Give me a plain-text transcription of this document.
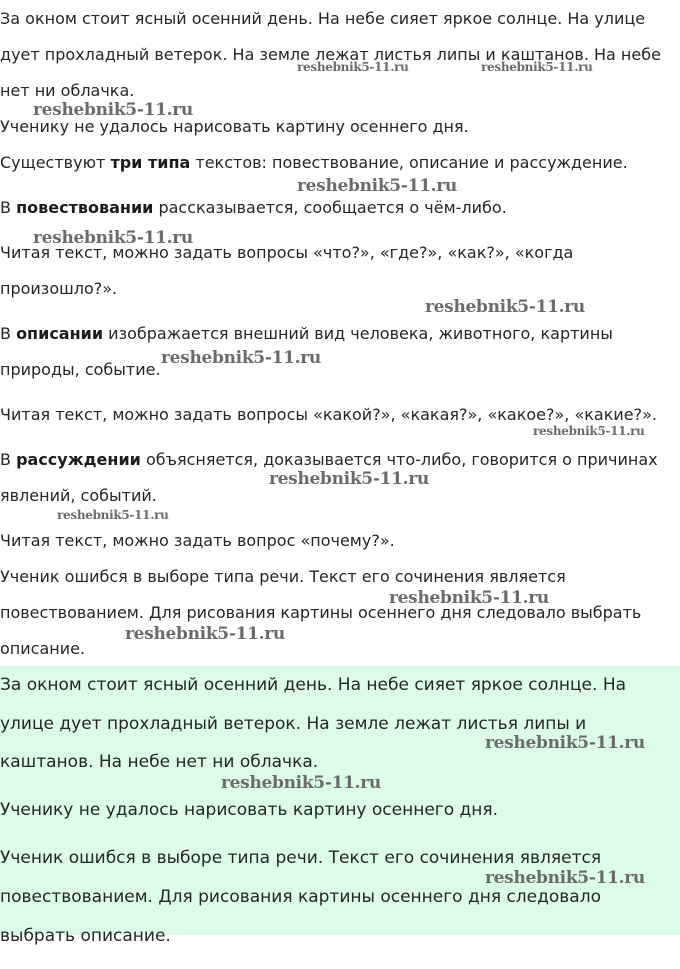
За окном стоит ясный осенний день. На небе сияет яркое солнце. На улице

дует прохладный ветерок. На земле лежат листья липы и каштанов. На небе

нет ни облачка.

Ученику не удалось нарисовать картину осеннего дня.

Существуют три типа текстов: повествование, описание и рассуждение.

В повествовании рассказывается, сообщается о чём-либо.

Читая текст, можно задать вопросы «что?», «где?», «как?», «когда

произошло?».

В описании изображается внешний вид человека, животного, картины

природы, событие.

Читая текст, можно задать вопросы «какой?», «какая?», «какое?», «какие?».

В рассуждении объясняется, доказывается что-либо, говорится о причинах

явлений, событий.

Читая текст, можно задать вопрос «почему?».

Ученик ошибся в выборе типа речи. Текст его сочинения является

повествованием. Для рисования картины осеннего дня следовало выбрать

описание.

За окном стоит ясный осенний день. На небе сияет яркое солнце. На

улице дует прохладный ветерок. На земле лежат листья липы и

каштанов. На небе нет ни облачка.

Ученику не удалось нарисовать картину осеннего дня.

Ученик ошибся в выборе типа речи. Текст его сочинения является

повествованием. Для рисования картины осеннего дня следовало

выбрать описание.

reshebnik5-11.ru	reshebnik5-11.ru
reshebnik5-11.ru
reshebnik5-11.ru
reshebnik5-11.ru
reshebnik5-11.ru
reshebnik5-11.ru
reshebnik5-11.ru
reshebnik5-11.ru
reshebnik5-11.ru
reshebnik5-11.ru
reshebnik5-11.ru
reshebnik5-11.ru
reshebnik5-11.ru
reshebnik5-11.ru
